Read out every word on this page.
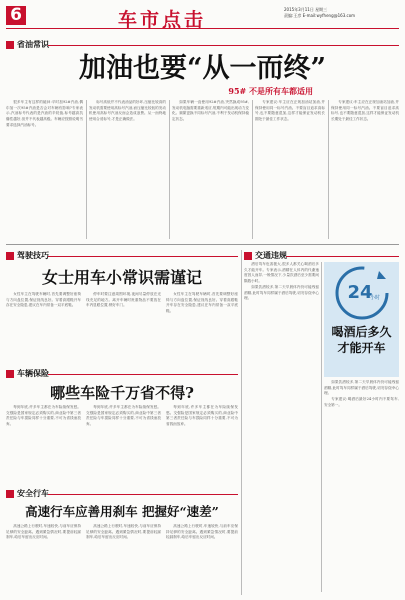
6	车市点击	2015年3月11日 星期三
责编:王彦 E-mail:wyfheng@163.com
省油常识
加油也要“从一而终”
95# 不是所有车都适用

很多车主有这样的疑问:平时加92#汽油,偶尔加一次95#汽油是否会对车辆有影响?专家表示,汽油标号代表的是汽油的辛烷值,标号越高抗爆性越好,但并不代表越高级。车辆应按照说明书要求选择汽油标号。

标号高低并不代表油品的好坏,压缩比较高的发动机需要使用高标号汽油,而压缩比较低的发动机使用高标号汽油反而会造成浪费。从一而终地使用合适标号,才是正确做法。

如果车辆一直使用92#汽油,突然换成95#,发动机电脑需要重新适应,短期内可能出现动力变化。频繁更换不同标号汽油,不利于发动机保持稳定状态。

专家建议:车主应在正规加油站加油,并保持使用同一标号汽油。不要盲目追求高标号,也不要随意混加,这样才能保证发动机长期处于最佳工作状态。

专家建议:车主应在正规加油站加油,并保持使用同一标号汽油。不要盲目追求高标号,也不要随意混加,这样才能保证发动机长期处于最佳工作状态。

驾驶技巧
女士用车小常识需谨记

女性车主在驾驶车辆时,首先要调整好座椅与方向盘位置,保证视线良好。穿着高跟鞋开车存在安全隐患,建议在车内常备一双平底鞋。

停车时要注意周围环境,夜间尽量停放在光线充足的地方。离开车辆时贵重物品不要放在车内显眼位置,锁好车门。

女性车主在驾驶车辆时,首先要调整好座椅与方向盘位置,保证视线良好。穿着高跟鞋开车存在安全隐患,建议在车内常备一双平底鞋。

交通违规
24
小时
喝酒后多久
才能开车

酒后驾车危害极大,很多人都关心喝酒后多久才能开车。专家表示,酒精在人体内的代谢速度因人而异,一般情况下,少量饮酒后至少需要间隔数小时。

如果饮酒较多,第二天早晨体内仍可能残留酒精,此时驾车同样属于酒后驾驶,切勿存侥幸心理。

如果饮酒较多,第二天早晨体内仍可能残留酒精,此时驾车同样属于酒后驾驶,切勿存侥幸心理。

专家建议:喝酒后最好24小时内不要驾车,安全第一。

车辆保险
哪些车险千万省不得?

每到年底,许多车主都在为车险续保发愁。交强险是国家规定必须购买的,商业险中第三者责任险与车损险同样十分重要,不可为省钱而放弃。

每到年底,许多车主都在为车险续保发愁。交强险是国家规定必须购买的,商业险中第三者责任险与车损险同样十分重要,不可为省钱而放弃。

每到年底,许多车主都在为车险续保发愁。交强险是国家规定必须购买的,商业险中第三者责任险与车损险同样十分重要,不可为省钱而放弃。

安全行车
高速行车应善用刹车 把握好“速差”

高速公路上行驶时,车速较快,与前车应保持足够的安全距离。遇到紧急情况时,要提前轻踩刹车,给后车留出反应时间。

高速公路上行驶时,车速较快,与前车应保持足够的安全距离。遇到紧急情况时,要提前轻踩刹车,给后车留出反应时间。

高速公路上行驶时,车速较快,与前车应保持足够的安全距离。遇到紧急情况时,要提前轻踩刹车,给后车留出反应时间。
